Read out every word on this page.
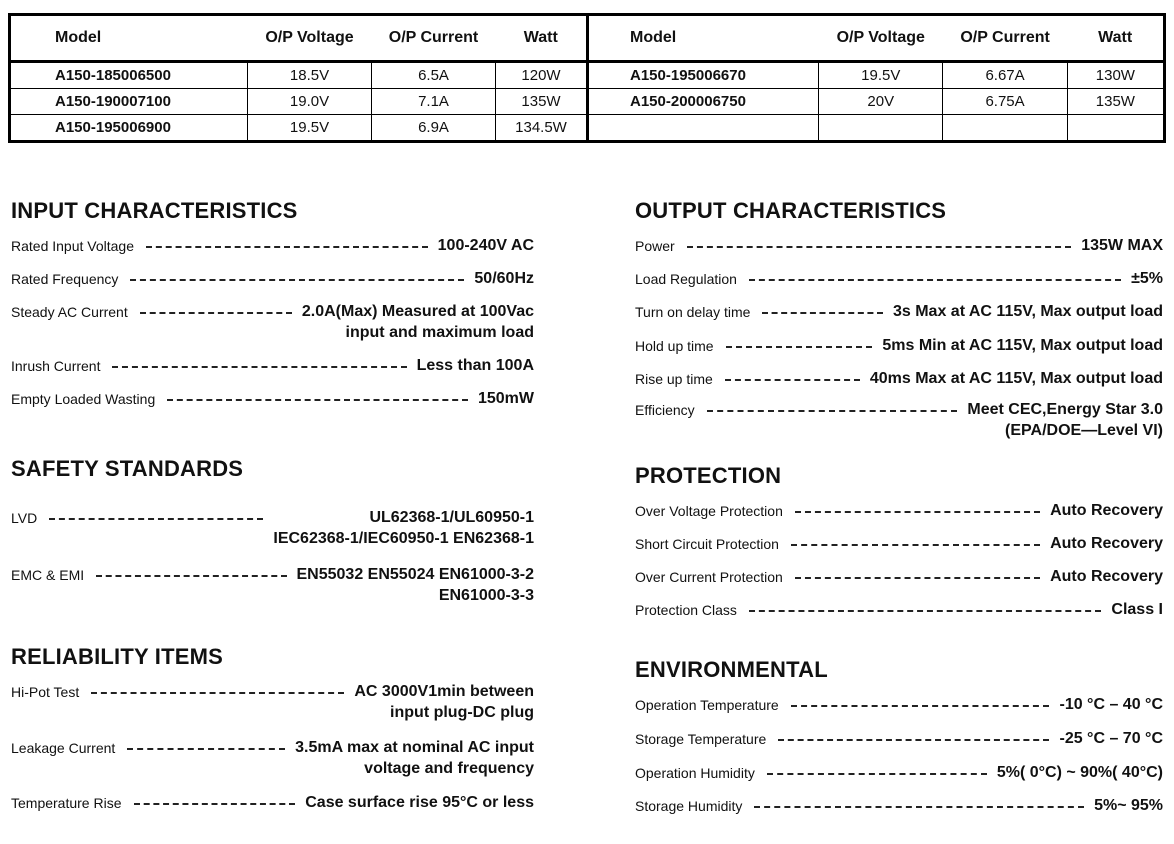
Model	O/P Voltage	O/P Current	Watt
A150-185006500	18.5V	6.5A	120W
A150-190007100	19.0V	7.1A	135W
A150-195006900	19.5V	6.9A	134.5W
Model	O/P Voltage	O/P Current	Watt
A150-195006670	19.5V	6.67A	130W
A150-200006750	20V	6.75A	135W

INPUT CHARACTERISTICS
SAFETY STANDARDS
RELIABILITY ITEMS
OUTPUT CHARACTERISTICS
PROTECTION
ENVIRONMENTAL
Rated Input Voltage	100-240V AC
Rated Frequency	50/60Hz
Steady AC Current	2.0A(Max) Measured at 100Vac
input and maximum load
Inrush Current	Less than 100A
Empty Loaded Wasting	150mW
LVD	UL62368-1/UL60950-1
IEC62368-1/IEC60950-1 EN62368-1
EMC & EMI	EN55032 EN55024 EN61000-3-2
EN61000-3-3
Hi-Pot Test	AC 3000V1min between
input plug-DC plug
Leakage Current	3.5mA max at nominal AC input
voltage and frequency
Temperature Rise	Case surface rise 95°C or less
Power	135W MAX
Load Regulation	±5%
Turn on delay time	3s Max at AC 115V, Max output load
Hold up time	5ms Min at AC 115V, Max output load
Rise up time	40ms Max at AC 115V, Max output load
Efficiency	Meet CEC,Energy Star 3.0
(EPA/DOE—Level VI)
Over Voltage Protection	Auto Recovery
Short Circuit Protection	Auto Recovery
Over Current Protection	Auto Recovery
Protection Class	Class I
Operation Temperature	-10 °C – 40 °C
Storage Temperature	-25 °C – 70 °C
Operation Humidity	5%( 0°C) ~ 90%( 40°C)
Storage Humidity	5%~ 95%
